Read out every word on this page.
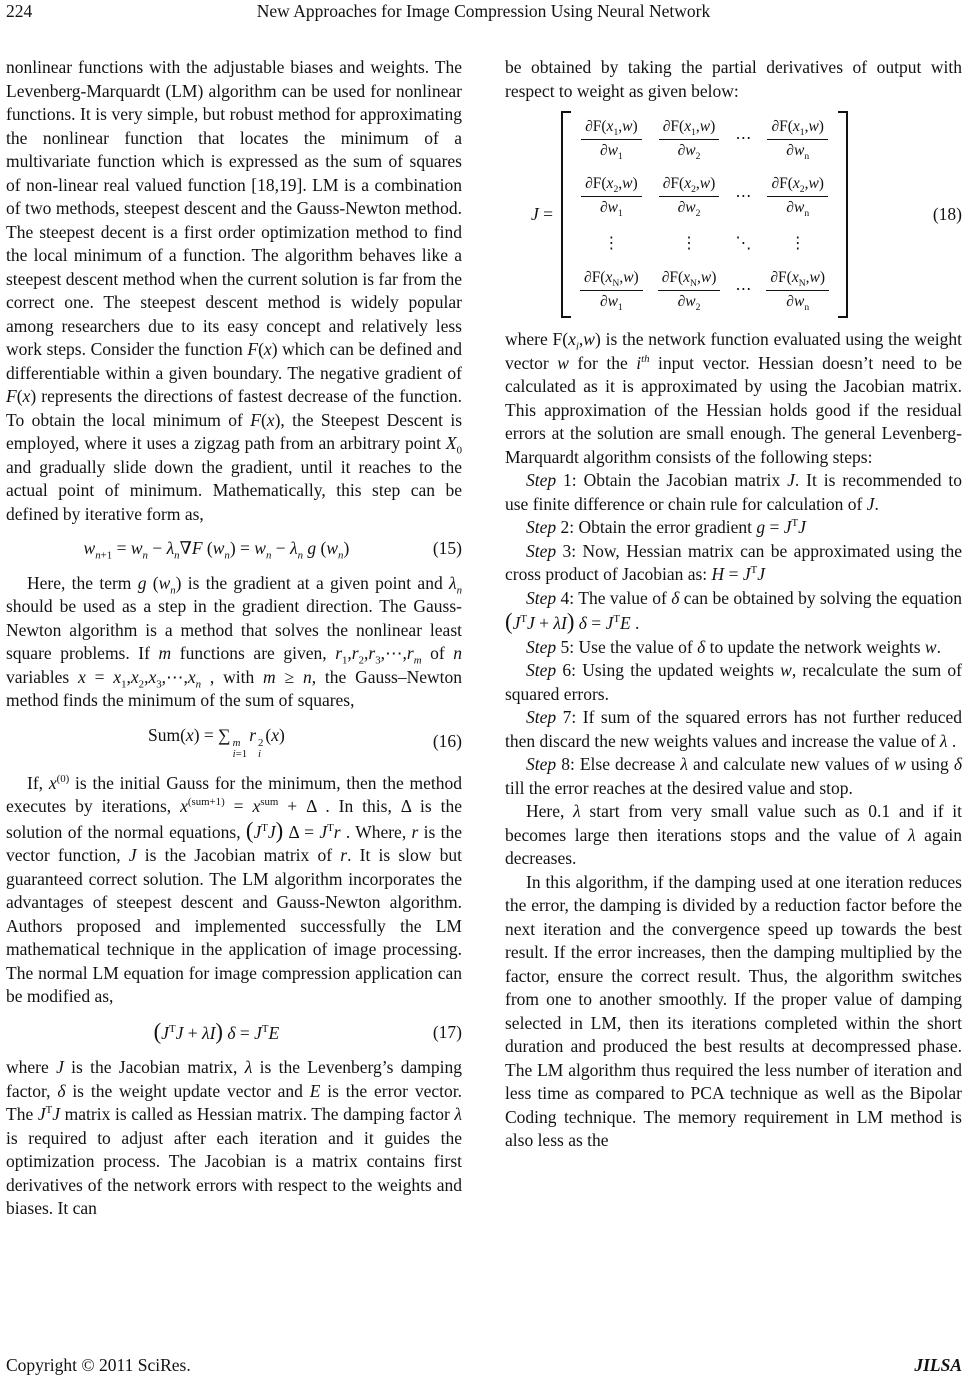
224	New Approaches for Image Compression Using Neural Network

nonlinear functions with the adjustable biases and weights. The Levenberg-Marquardt (LM) algorithm can be used for nonlinear functions. It is very simple, but robust method for approximating the nonlinear function that locates the minimum of a multivariate function which is expressed as the sum of squares of non-linear real valued function [18,19]. LM is a combination of two methods, steepest descent and the Gauss-Newton method. The steepest decent is a first order optimization method to find the local minimum of a function. The algorithm behaves like a steepest descent method when the current solution is far from the correct one. The steepest descent method is widely popular among researchers due to its easy concept and relatively less work steps. Consider the function F(x) which can be defined and differentiable within a given boundary. The negative gradient of F(x) represents the directions of fastest decrease of the function. To obtain the local minimum of F(x), the Steepest Descent is employed, where it uses a zigzag path from an arbitrary point $X_0$ and gradually slide down the gradient, until it reaches to the actual point of minimum. Mathematically, this step can be defined by iterative form as,

$w_{n+1} = w_n - \lambda_n\nabla F$ $(w_n) = w_n - \lambda_n$ g $(w_n)$	(15)

Here, the term g $(w_n)$ is the gradient at a given point and $\lambda_n$ should be used as a step in the gradient direction. The Gauss-Newton algorithm is a method that solves the nonlinear least square problems. If m functions are given, $r_1,r_2,r_3,\cdots,r_m$ of n variables $x = x_1,x_2,x_3,\cdots,x_n$ , with m ≥ n, the Gauss–Newton method finds the minimum of the sum of squares,

Sum(x) = ∑ m
i=1
r 2
i
(x)	(16)

If, $x^{(0)}$ is the initial Gauss for the minimum, then the method executes by iterations, $x^{(sum+1)} = x^{sum} + \Delta$ . In this, Δ is the solution of the normal equations, $(J^TJ) \Delta = J^Tr$ . Where, r is the vector function, J is the Jacobian matrix of r. It is slow but guaranteed correct solution. The LM algorithm incorporates the advantages of steepest descent and Gauss-Newton algorithm. Authors proposed and implemented successfully the LM mathematical technique in the application of image processing. The normal LM equation for image compression application can be modified as,

$(J^TJ + \lambda I) \delta = J^TE$	(17)

where J is the Jacobian matrix, λ is the Levenberg’s damping factor, δ is the weight update vector and E is the error vector. The $J^TJ$ matrix is called as Hessian matrix. The damping factor λ is required to adjust after each iteration and it guides the optimization process. The Jacobian is a matrix contains first derivatives of the network errors with respect to the weights and biases. It can

be obtained by taking the partial derivatives of output with respect to weight as given below:

J =
$\frac{\partial F(x_1,w)}{\partial w_1} \frac{\partial F(x_1,w)}{\partial w_2}$ ⋯ $\frac{\partial F(x_1,w)}{\partial w_n}$
$\frac{\partial F(x_2,w)}{\partial w_1} \frac{\partial F(x_2,w)}{\partial w_2}$ ⋯ $\frac{\partial F(x_2,w)}{\partial w_n}$
⋮	⋮ ⋱ ⋮
$\frac{\partial F(x_N,w)}{\partial w_1} \frac{\partial F(x_N,w)}{\partial w_2}$ ⋯ $\frac{\partial F(x_N,w)}{\partial w_n}$
(18)

where $F(x_i,w)$ is the network function evaluated using the weight vector w for the $i^{th}$ input vector. Hessian doesn’t need to be calculated as it is approximated by using the Jacobian matrix. This approximation of the Hessian holds good if the residual errors at the solution are small enough. The general Levenberg-Marquardt algorithm consists of the following steps:

Step 1: Obtain the Jacobian matrix J. It is recommended to use finite difference or chain rule for calculation of J.

Step 2: Obtain the error gradient $g = J^TJ$

Step 3: Now, Hessian matrix can be approximated using the cross product of Jacobian as: $H = J^TJ$

Step 4: The value of δ can be obtained by solving the equation $(J^TJ + \lambda I) \delta = J^TE$ .

Step 5: Use the value of δ to update the network weights w.

Step 6: Using the updated weights w, recalculate the sum of squared errors.

Step 7: If sum of the squared errors has not further reduced then discard the new weights values and increase the value of λ .

Step 8: Else decrease λ and calculate new values of w using δ till the error reaches at the desired value and stop.

Here, λ start from very small value such as 0.1 and if it becomes large then iterations stops and the value of λ again decreases.

In this algorithm, if the damping used at one iteration reduces the error, the damping is divided by a reduction factor before the next iteration and the convergence speed up towards the best result. If the error increases, then the damping multiplied by the factor, ensure the correct result. Thus, the algorithm switches from one to another smoothly. If the proper value of damping selected in LM, then its iterations completed within the short duration and produced the best results at decompressed phase. The LM algorithm thus required the less number of iteration and less time as compared to PCA technique as well as the Bipolar Coding technique. The memory requirement in LM method is also less as the

Copyright © 2011 SciRes.	JILSA
